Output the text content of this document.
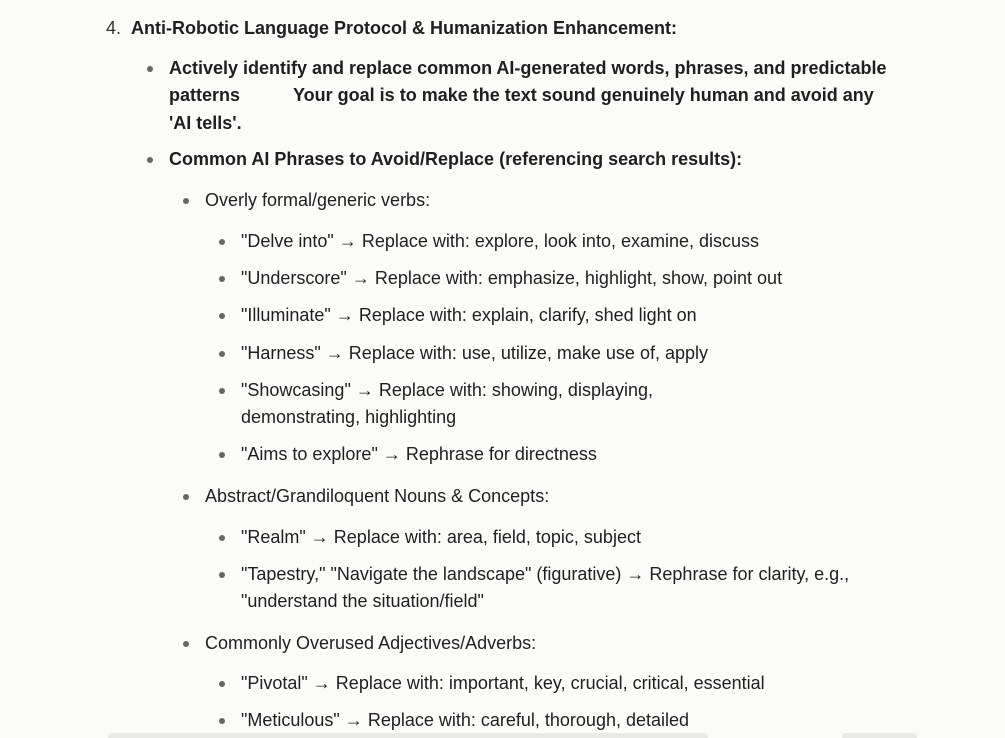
4. Anti-Robotic Language Protocol & Humanization Enhancement:
Actively identify and replace common AI-generated words, phrases, and predictable
patterns	Your goal is to make the text sound genuinely human and avoid any
'AI tells'.
Common AI Phrases to Avoid/Replace (referencing search results):
Overly formal/generic verbs:
"Delve into" → Replace with: explore, look into, examine, discuss
"Underscore" → Replace with: emphasize, highlight, show, point out
"Illuminate" → Replace with: explain, clarify, shed light on
"Harness" → Replace with: use, utilize, make use of, apply
"Showcasing" → Replace with: showing, displaying,
demonstrating, highlighting
"Aims to explore" → Rephrase for directness
Abstract/Grandiloquent Nouns & Concepts:
"Realm" → Replace with: area, field, topic, subject
"Tapestry," "Navigate the landscape" (figurative) → Rephrase for clarity, e.g.,
"understand the situation/field"
Commonly Overused Adjectives/Adverbs:
"Pivotal" → Replace with: important, key, crucial, critical, essential
"Meticulous" → Replace with: careful, thorough, detailed
